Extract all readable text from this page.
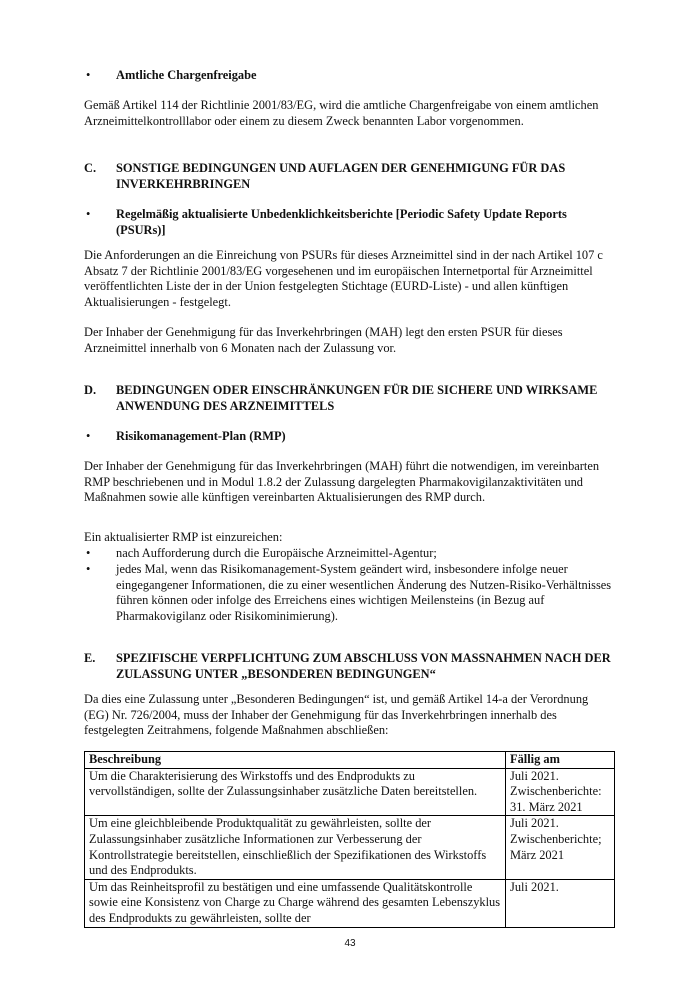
• Amtliche Chargenfreigabe
Gemäß Artikel 114 der Richtlinie 2001/83/EG, wird die amtliche Chargenfreigabe von einem amtlichen Arzneimittelkontrolllabor oder einem zu diesem Zweck benannten Labor vorgenommen.
C. SONSTIGE BEDINGUNGEN UND AUFLAGEN DER GENEHMIGUNG FÜR DAS INVERKEHRBRINGEN
• Regelmäßig aktualisierte Unbedenklichkeitsberichte [Periodic Safety Update Reports (PSURs)]
Die Anforderungen an die Einreichung von PSURs für dieses Arzneimittel sind in der nach Artikel 107 c Absatz 7 der Richtlinie 2001/83/EG vorgesehenen und im europäischen Internetportal für Arzneimittel veröffentlichten Liste der in der Union festgelegten Stichtage (EURD-Liste) - und allen künftigen Aktualisierungen - festgelegt.
Der Inhaber der Genehmigung für das Inverkehrbringen (MAH) legt den ersten PSUR für dieses Arzneimittel innerhalb von 6 Monaten nach der Zulassung vor.
D. BEDINGUNGEN ODER EINSCHRÄNKUNGEN FÜR DIE SICHERE UND WIRKSAME ANWENDUNG DES ARZNEIMITTELS
• Risikomanagement-Plan (RMP)
Der Inhaber der Genehmigung für das Inverkehrbringen (MAH) führt die notwendigen, im vereinbarten RMP beschriebenen und in Modul 1.8.2 der Zulassung dargelegten Pharmakovigilanzaktivitäten und Maßnahmen sowie alle künftigen vereinbarten Aktualisierungen des RMP durch.
Ein aktualisierter RMP ist einzureichen:
• nach Aufforderung durch die Europäische Arzneimittel-Agentur;
• jedes Mal, wenn das Risikomanagement-System geändert wird, insbesondere infolge neuer eingegangener Informationen, die zu einer wesentlichen Änderung des Nutzen-Risiko-Verhältnisses führen können oder infolge des Erreichens eines wichtigen Meilensteins (in Bezug auf Pharmakovigilanz oder Risikominimierung).
E. SPEZIFISCHE VERPFLICHTUNG ZUM ABSCHLUSS VON MASSNAHMEN NACH DER ZULASSUNG UNTER „BESONDEREN BEDINGUNGEN“
Da dies eine Zulassung unter „Besonderen Bedingungen“ ist, und gemäß Artikel 14-a der Verordnung (EG) Nr. 726/2004, muss der Inhaber der Genehmigung für das Inverkehrbringen innerhalb des festgelegten Zeitrahmens, folgende Maßnahmen abschließen:
Beschreibung	Fällig am
Um die Charakterisierung des Wirkstoffs und des Endprodukts zu vervollständigen, sollte der Zulassungsinhaber zusätzliche Daten bereitstellen.	Juli 2021. Zwischenberichte: 31. März 2021
Um eine gleichbleibende Produktqualität zu gewährleisten, sollte der Zulassungsinhaber zusätzliche Informationen zur Verbesserung der Kontrollstrategie bereitstellen, einschließlich der Spezifikationen des Wirkstoffs und des Endprodukts.	Juli 2021. Zwischenberichte; März 2021
Um das Reinheitsprofil zu bestätigen und eine umfassende Qualitätskontrolle sowie eine Konsistenz von Charge zu Charge während des gesamten Lebenszyklus des Endprodukts zu gewährleisten, sollte der	Juli 2021.
43
